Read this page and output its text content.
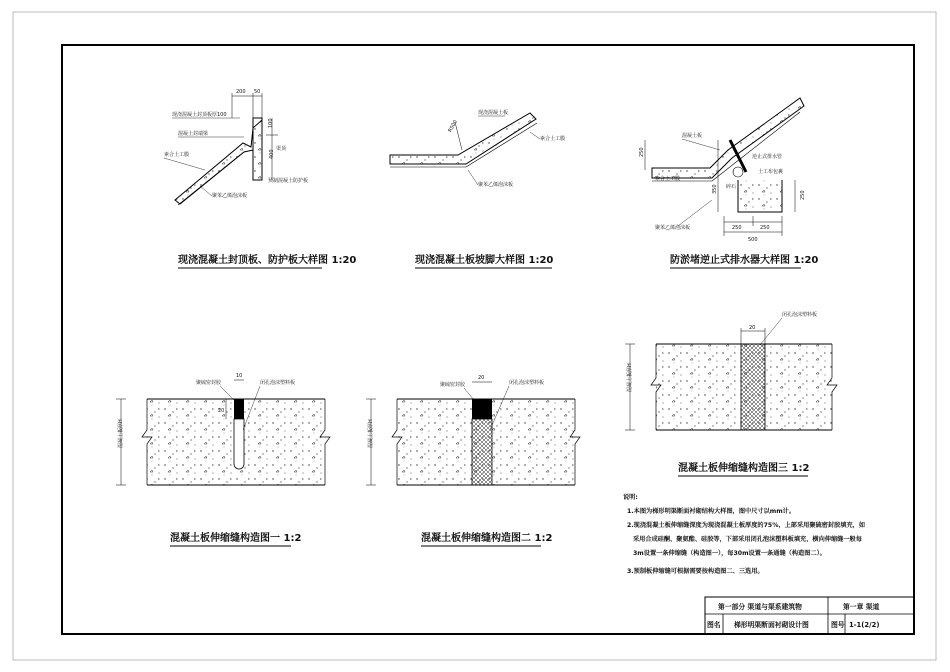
200 50
100
400
现浇混凝土封顶板厚100
混凝土封端梁
素合土工膜
聚苯乙烯泡沫板
预制混凝土防护板
渠顶
现浇混凝土封顶板、防护板大样图 1:20
R500
现浇混凝土板
素合土工膜
聚苯乙烯泡沫板
现浇混凝土板坡脚大样图 1:20
250
350
250
250	250
500
混凝土板
素合土工膜
聚苯乙烯泡沫板
逆止式排水管
土工布包裹
碎石
防淤堵逆止式排水器大样图 1:20
10
20
聚硫密封胶	闭孔泡沫塑料板
混凝土板厚H
混凝土板伸缩缝构造图一 1:2
20
聚硫密封胶	闭孔泡沫塑料板
混凝土板厚H
混凝土板伸缩缝构造图二 1:2
20
闭孔泡沫塑料板
混凝土板厚H
混凝土板伸缩缝构造图三 1:2
说明:
1.本图为梯形明渠断面衬砌结构大样图，图中尺寸以mm计。
2.现浇混凝土板伸缩缝深度为现浇混凝土板厚度的75%，上部采用聚硫密封胶填充，如
采用合成硅酮、聚氨酯、硅胶等，下部采用闭孔泡沫塑料板填充，横向伸缩缝一般每
3m设置一条伸缩缝（构造图一），每30m设置一条通缝（构造图二）。
3.预制板伸缩缝可根据需要按构造图二、三选用。
第一部分 渠道与渠系建筑物	第一章 渠道
图名 梯形明渠断面衬砌设计图	图号 1-1(2/2)
